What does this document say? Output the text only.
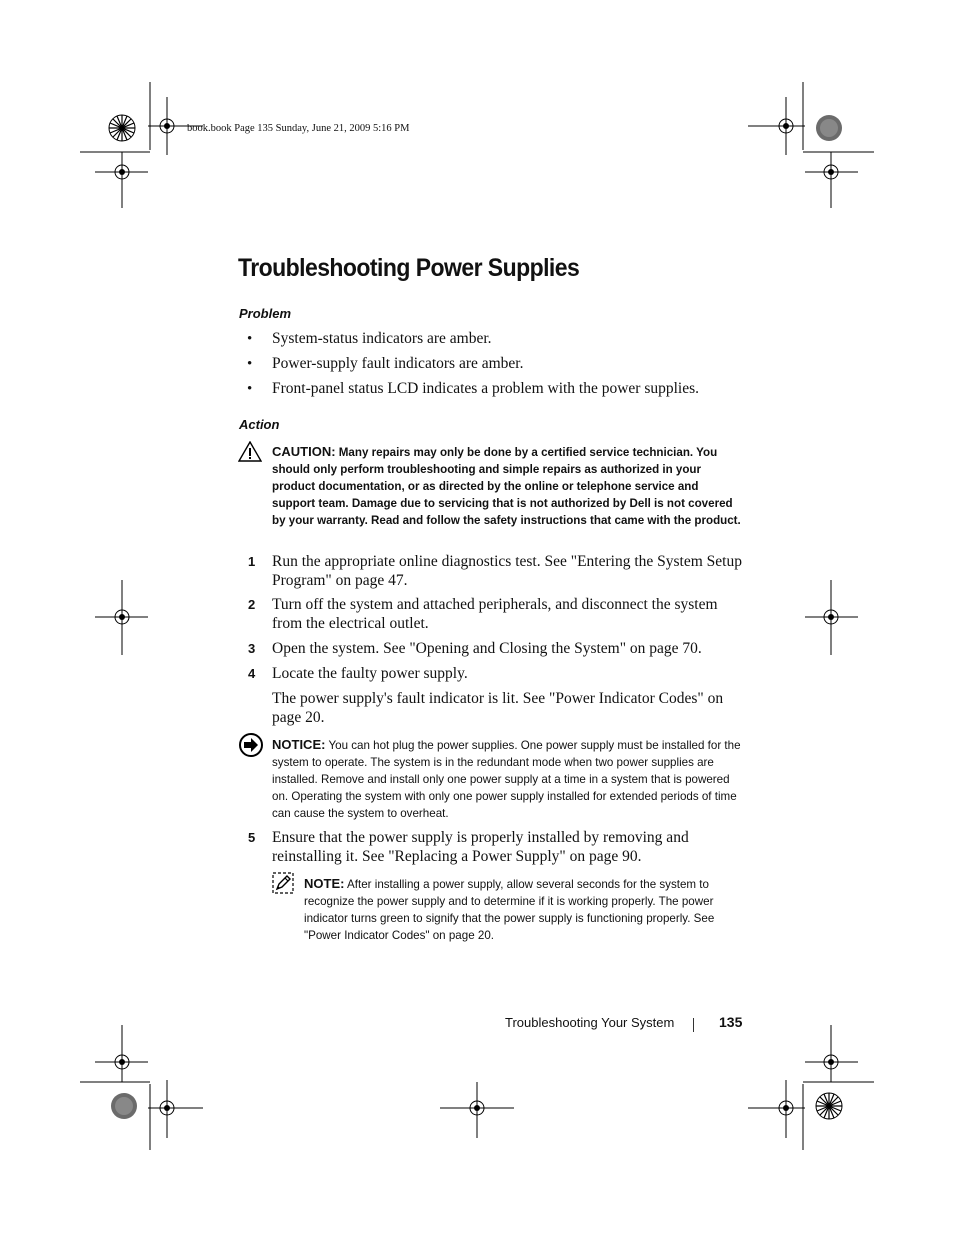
book.book Page 135 Sunday, June 21, 2009 5:16 PM
Troubleshooting Power Supplies
Problem
• System-status indicators are amber.
• Power-supply fault indicators are amber.
• Front-panel status LCD indicates a problem with the power supplies.
Action
CAUTION: Many repairs may only be done by a certified service technician. You should only perform troubleshooting and simple repairs as authorized in your product documentation, or as directed by the online or telephone service and support team. Damage due to servicing that is not authorized by Dell is not covered by your warranty. Read and follow the safety instructions that came with the product.
1 Run the appropriate online diagnostics test. See "Entering the System Setup Program" on page 47.
2 Turn off the system and attached peripherals, and disconnect the system from the electrical outlet.
3 Open the system. See "Opening and Closing the System" on page 70.
4 Locate the faulty power supply.
The power supply's fault indicator is lit. See "Power Indicator Codes" on page 20.
NOTICE: You can hot plug the power supplies. One power supply must be installed for the system to operate. The system is in the redundant mode when two power supplies are installed. Remove and install only one power supply at a time in a system that is powered on. Operating the system with only one power supply installed for extended periods of time can cause the system to overheat.
5 Ensure that the power supply is properly installed by removing and reinstalling it. See "Replacing a Power Supply" on page 90.
NOTE: After installing a power supply, allow several seconds for the system to recognize the power supply and to determine if it is working properly. The power indicator turns green to signify that the power supply is functioning properly. See "Power Indicator Codes" on page 20.
Troubleshooting Your System	135
